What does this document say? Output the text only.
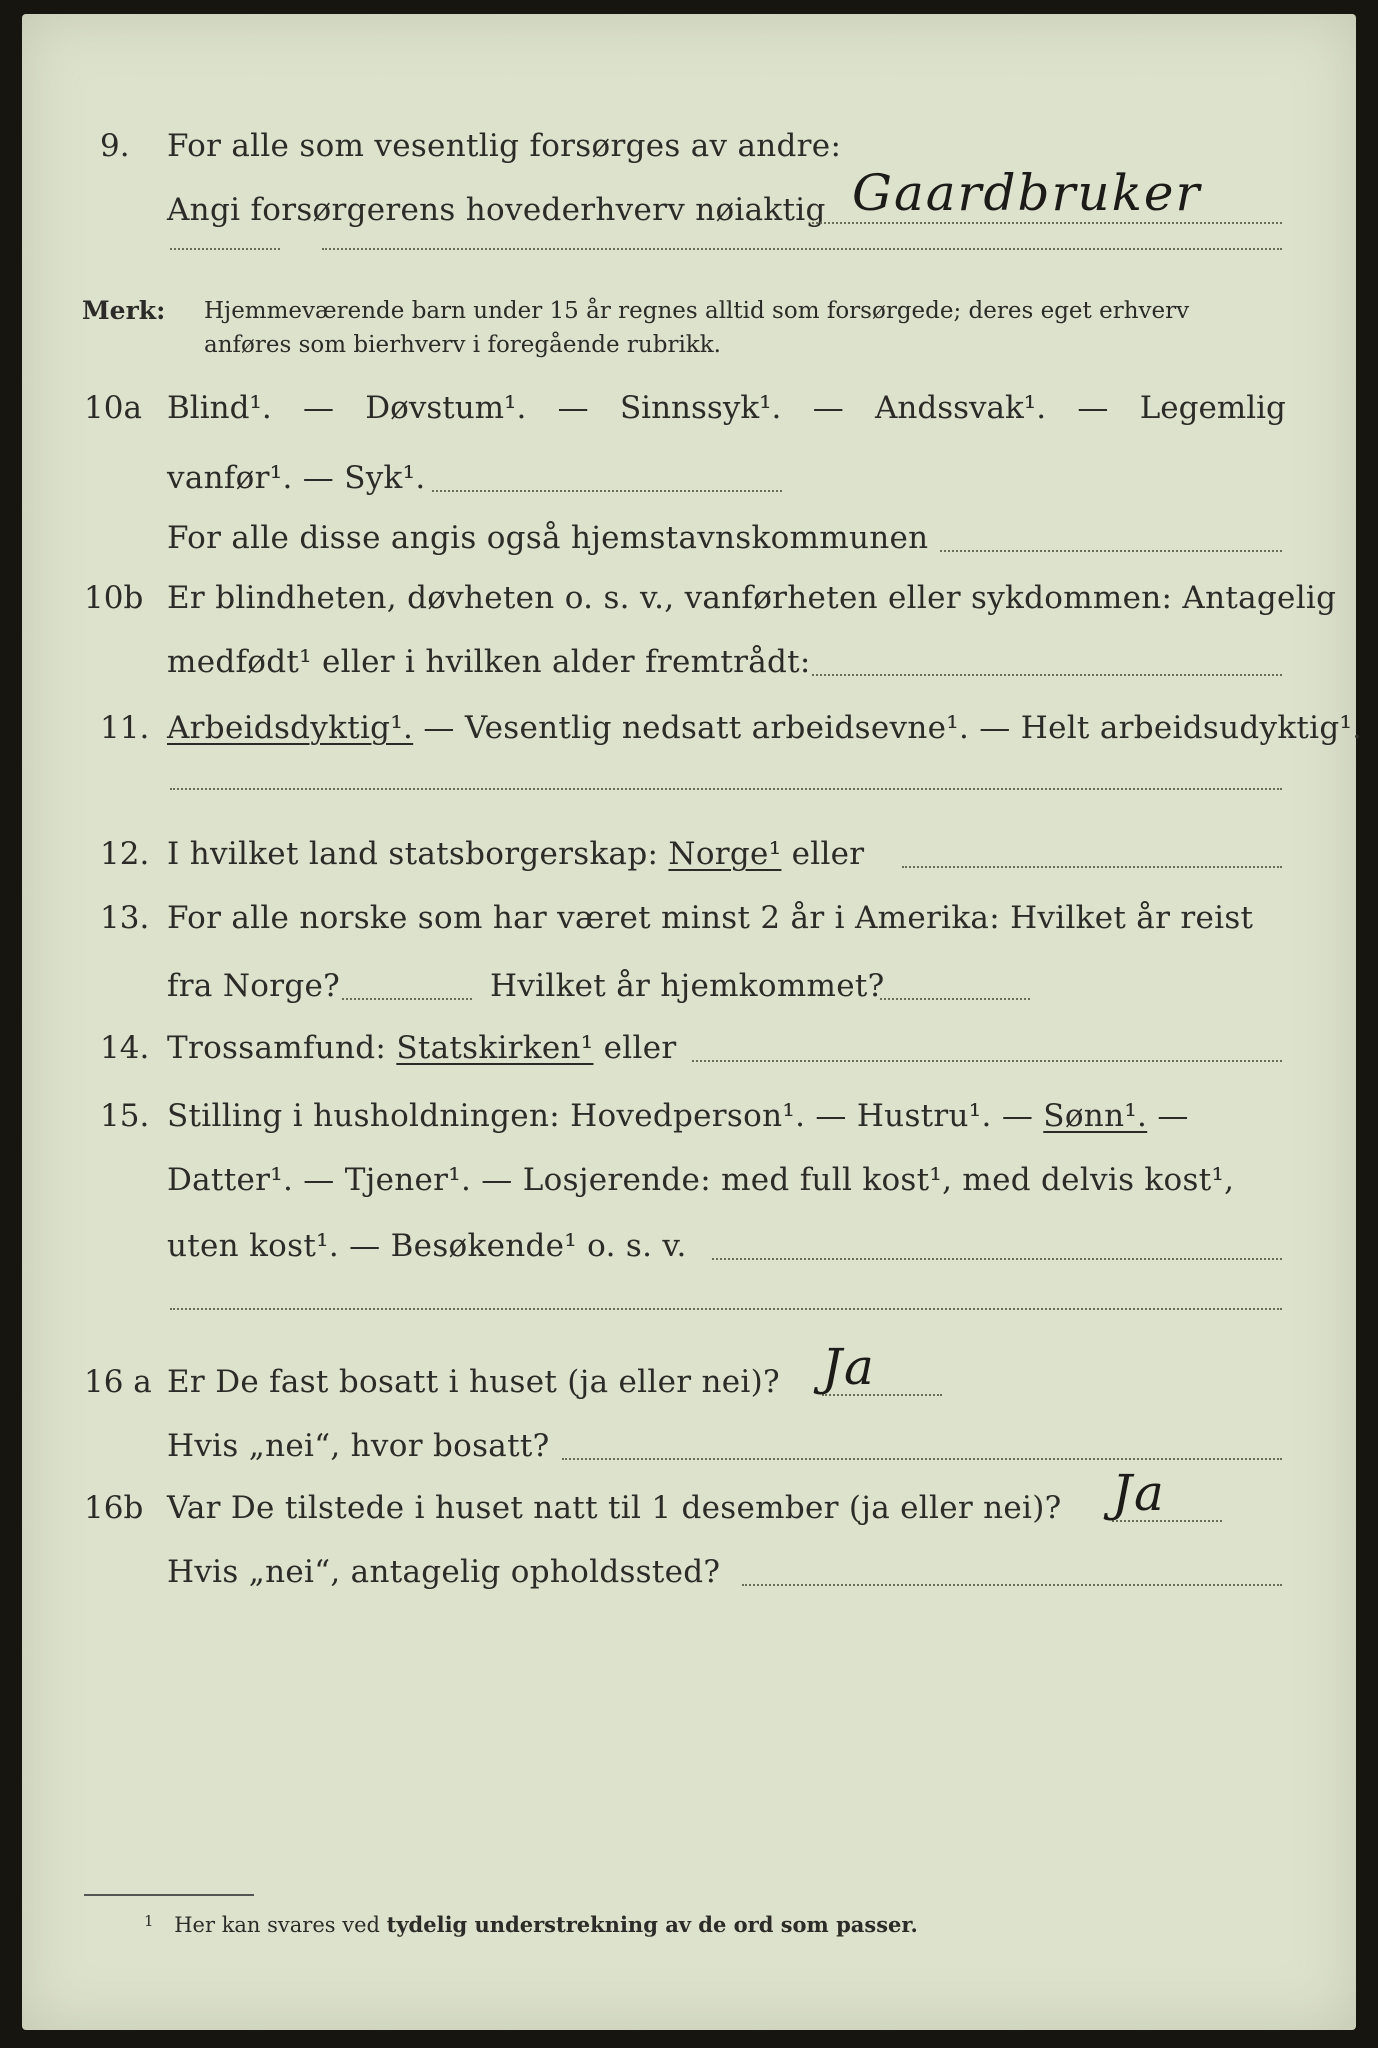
9. For alle som vesentlig forsørges av andre:
Angi forsørgerens hovederhverv nøiaktig Gaardbruker
Merk: Hjemmeværende barn under 15 år regnes alltid som forsørgede; deres eget erhverv
anføres som bierhverv i foregående rubrikk.
10a Blind¹. — Døvstum¹. — Sinnssyk¹. — Andssvak¹. — Legemlig
vanfør¹. — Syk¹.
For alle disse angis også hjemstavnskommunen
10b Er blindheten, døvheten o. s. v., vanførheten eller sykdommen: Antagelig
medfødt¹ eller i hvilken alder fremtrådt:
11. Arbeidsdyktig¹. — Vesentlig nedsatt arbeidsevne¹. — Helt arbeidsudyktig¹.
12. I hvilket land statsborgerskap: Norge¹ eller
13. For alle norske som har været minst 2 år i Amerika: Hvilket år reist
fra Norge?	Hvilket år hjemkommet?
14. Trossamfund: Statskirken¹ eller
15. Stilling i husholdningen: Hovedperson¹. — Hustru¹. — Sønn¹. —
Datter¹. — Tjener¹. — Losjerende: med full kost¹, med delvis kost¹,
uten kost¹. — Besøkende¹ o. s. v.
16 a Er De fast bosatt i huset (ja eller nei)? Ja
Hvis „nei“, hvor bosatt?
16b Var De tilstede i huset natt til 1 desember (ja eller nei)? Ja
Hvis „nei“, antagelig opholdssted?
$^1$ Her kan svares ved tydelig understrekning av de ord som passer.
